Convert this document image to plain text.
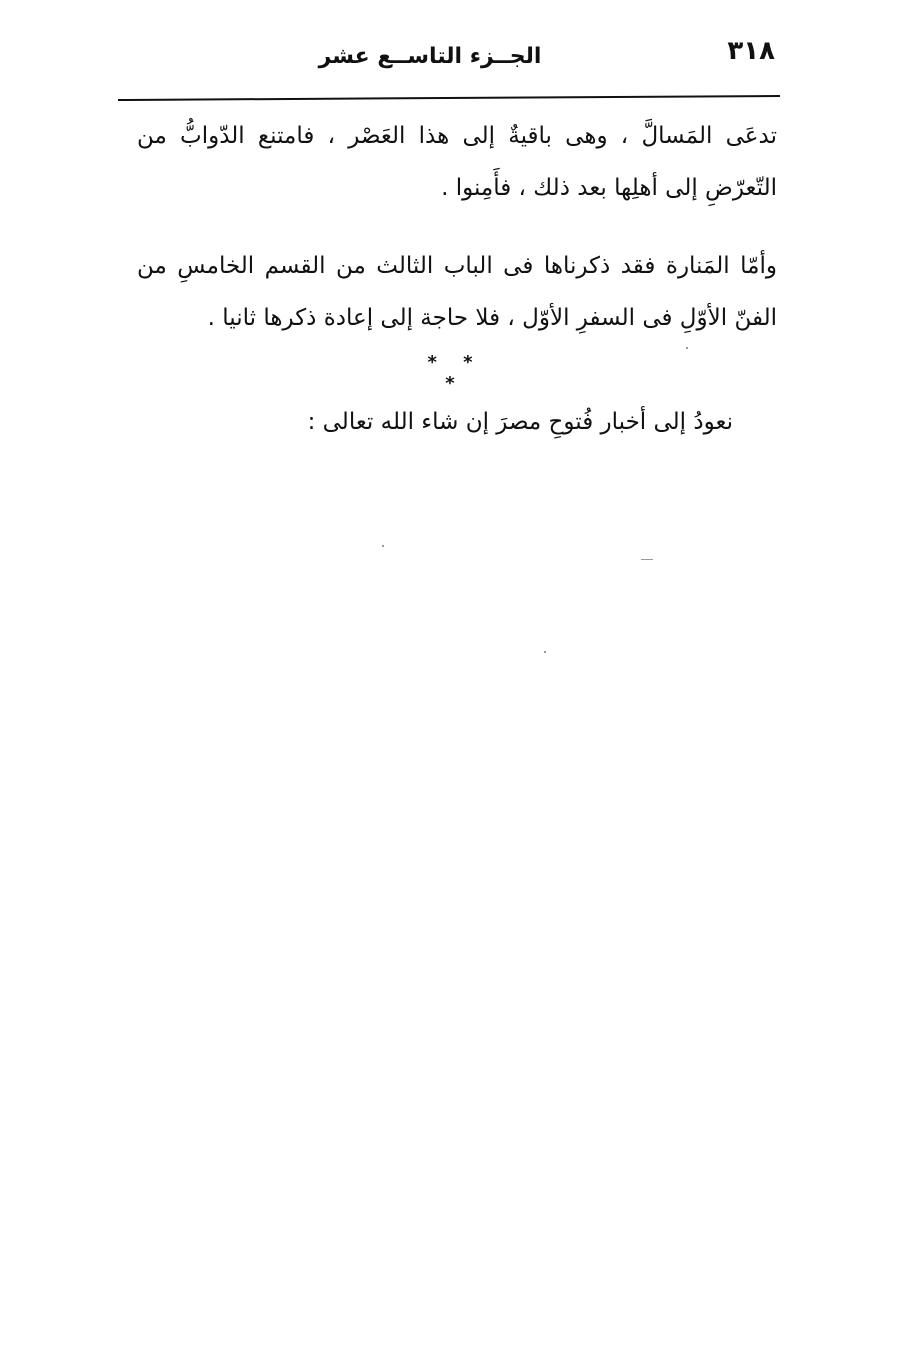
٣١٨
الجــزء التاســع عشر

تدعَى المَسالَّ ، وهى باقيةٌ إلى هذا العَصْر ، فامتنع الدّوابُّ من التّعرّضِ إلى أهلِها بعد ذلك ، فأَمِنوا .

وأمّا المَنارة فقد ذكرناها فى الباب الثالث من القسم الخامسِ من الفنّ الأوّلِ فى السفرِ الأوّل ، فلا حاجة إلى إعادة ذكرها ثانيا .

* * *

نعودُ إلى أخبار فُتوحِ مصرَ إن شاء الله تعالى :
